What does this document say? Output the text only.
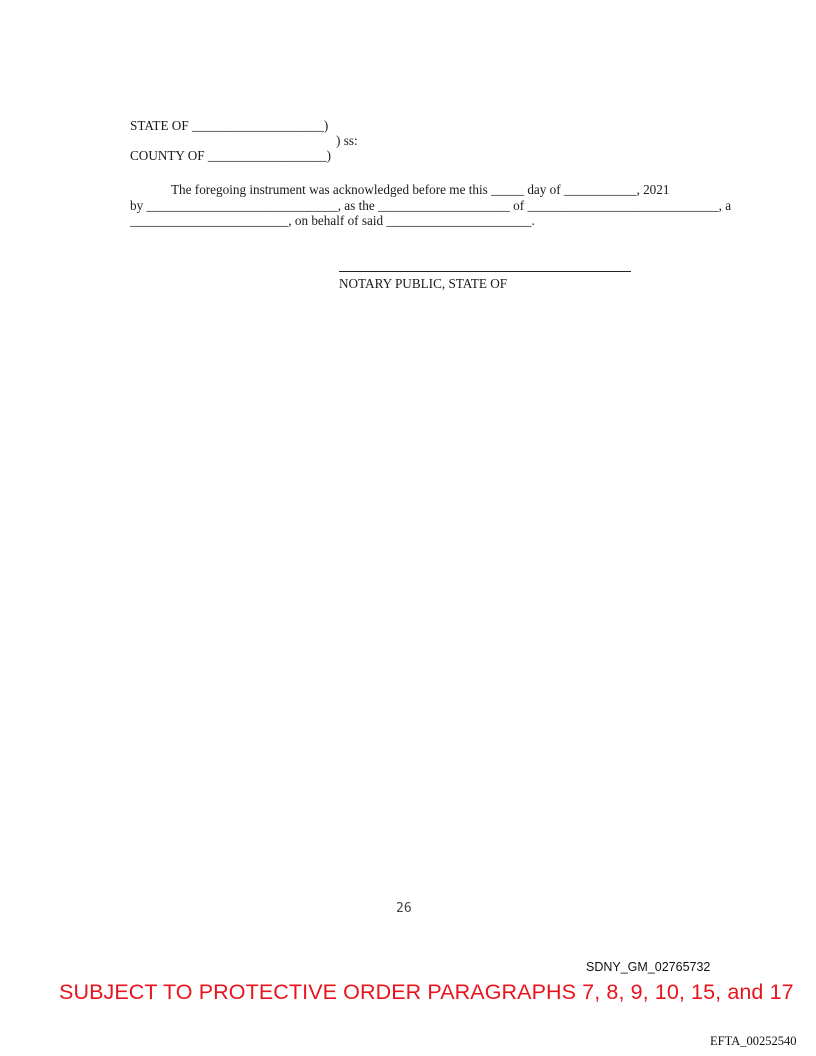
STATE OF ____________________)
) ss:
COUNTY OF __________________)
The foregoing instrument was acknowledged before me this _____ day of ___________, 2021
by _____________________________, as the ____________________ of _____________________________, a
________________________, on behalf of said ______________________.
NOTARY PUBLIC, STATE OF
26
SDNY_GM_02765732
SUBJECT TO PROTECTIVE ORDER PARAGRAPHS 7, 8, 9, 10, 15, and 17
EFTA_00252540
